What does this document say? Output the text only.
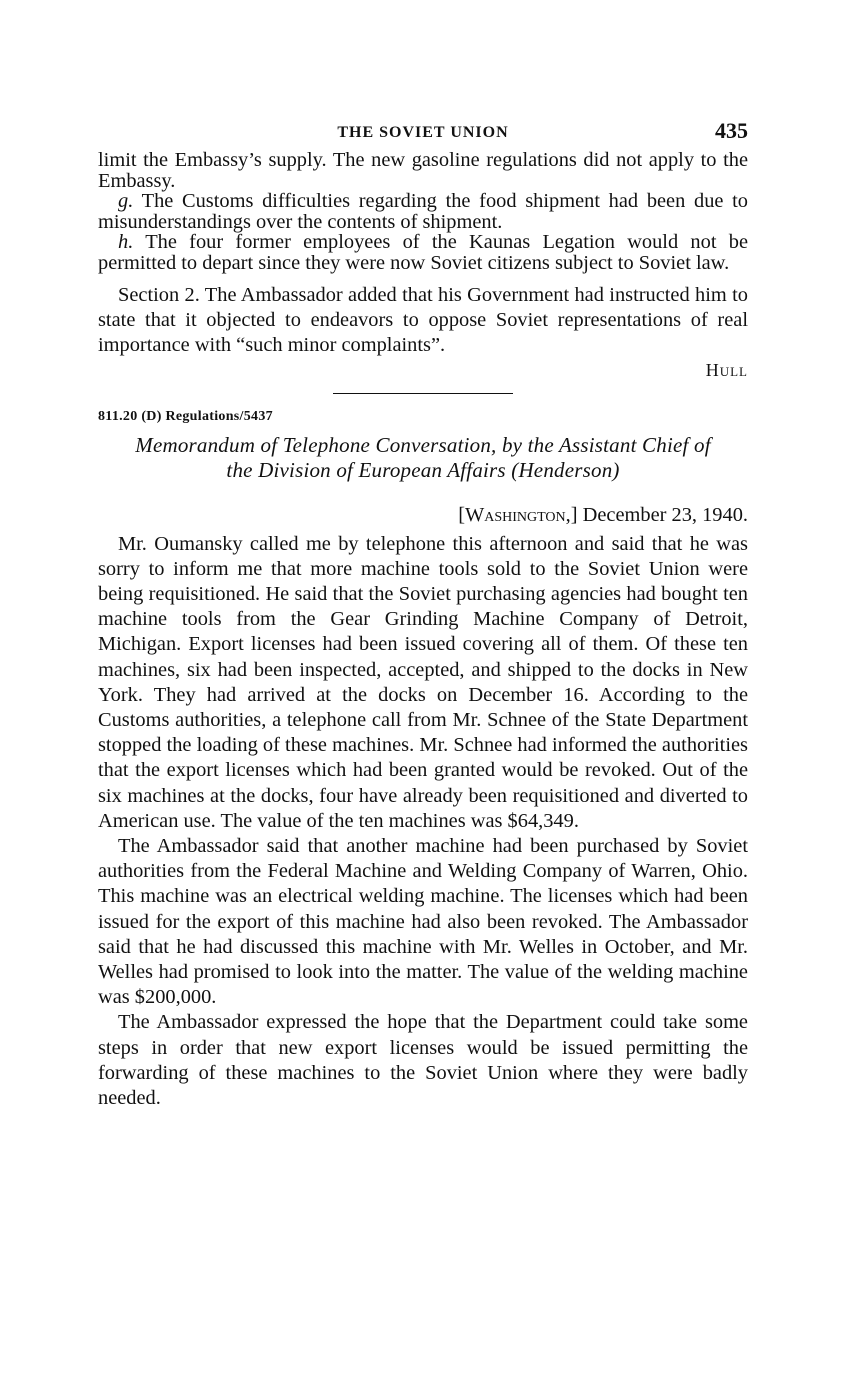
THE SOVIET UNION	435

limit the Embassy’s supply. The new gasoline regulations did not apply to the Embassy.

g. The Customs difficulties regarding the food shipment had been due to misunderstandings over the contents of shipment.

h. The four former employees of the Kaunas Legation would not be permitted to depart since they were now Soviet citizens subject to Soviet law.

Section 2. The Ambassador added that his Government had instructed him to state that it objected to endeavors to oppose Soviet representations of real importance with “such minor complaints”.

Hull
811.20 (D) Regulations/5437
Memorandum of Telephone Conversation, by the Assistant Chief of
the Division of European Affairs (Henderson)
[Washington,] December 23, 1940.

Mr. Oumansky called me by telephone this afternoon and said that he was sorry to inform me that more machine tools sold to the Soviet Union were being requisitioned. He said that the Soviet purchasing agencies had bought ten machine tools from the Gear Grinding Machine Company of Detroit, Michigan. Export licenses had been issued covering all of them. Of these ten machines, six had been inspected, accepted, and shipped to the docks in New York. They had arrived at the docks on December 16. According to the Customs authorities, a telephone call from Mr. Schnee of the State Department stopped the loading of these machines. Mr. Schnee had informed the authorities that the export licenses which had been granted would be revoked. Out of the six machines at the docks, four have already been requisitioned and diverted to American use. The value of the ten machines was $64,349.

The Ambassador said that another machine had been purchased by Soviet authorities from the Federal Machine and Welding Company of Warren, Ohio. This machine was an electrical welding machine. The licenses which had been issued for the export of this machine had also been revoked. The Ambassador said that he had discussed this machine with Mr. Welles in October, and Mr. Welles had promised to look into the matter. The value of the welding machine was $200,000.

The Ambassador expressed the hope that the Department could take some steps in order that new export licenses would be issued permitting the forwarding of these machines to the Soviet Union where they were badly needed.
